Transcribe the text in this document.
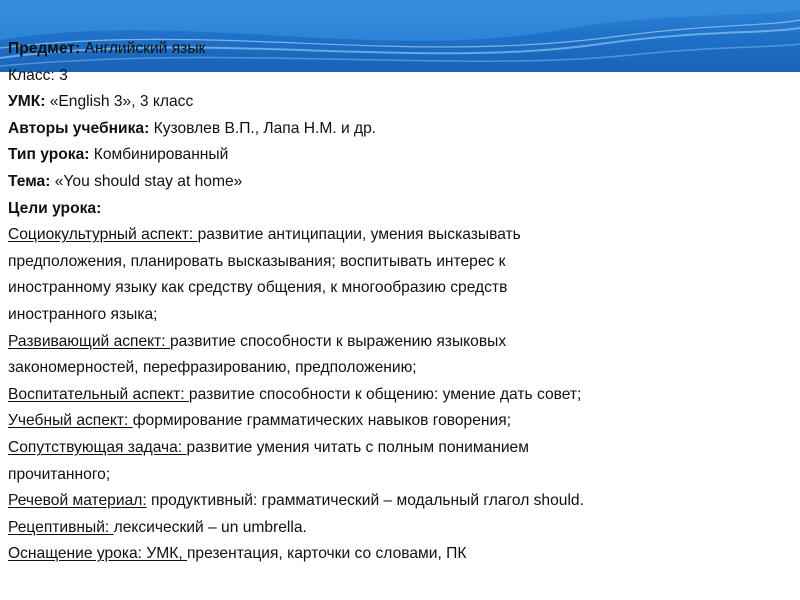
Предмет: Английский язык
Класс: 3
УМК: «English 3», 3 класс
Авторы учебника: Кузовлев В.П., Лапа Н.М. и др.
Тип урока: Комбинированный
Тема: «You should stay at home»
Цели урока:
Социокультурный аспект: развитие антиципации, умения высказывать
предположения, планировать высказывания; воспитывать интерес к
иностранному языку как средству общения, к многообразию средств
иностранного языка;
Развивающий аспект: развитие способности к выражению языковых
закономерностей, перефразированию, предположению;
Воспитательный аспект: развитие способности к общению: умение дать совет;
Учебный аспект: формирование грамматических навыков говорения;
Сопутствующая задача: развитие умения читать с полным пониманием
прочитанного;
Речевой материал: продуктивный: грамматический – модальный глагол should.
Рецептивный: лексический – un umbrella.
Оснащение урока: УМК, презентация, карточки со словами, ПК
